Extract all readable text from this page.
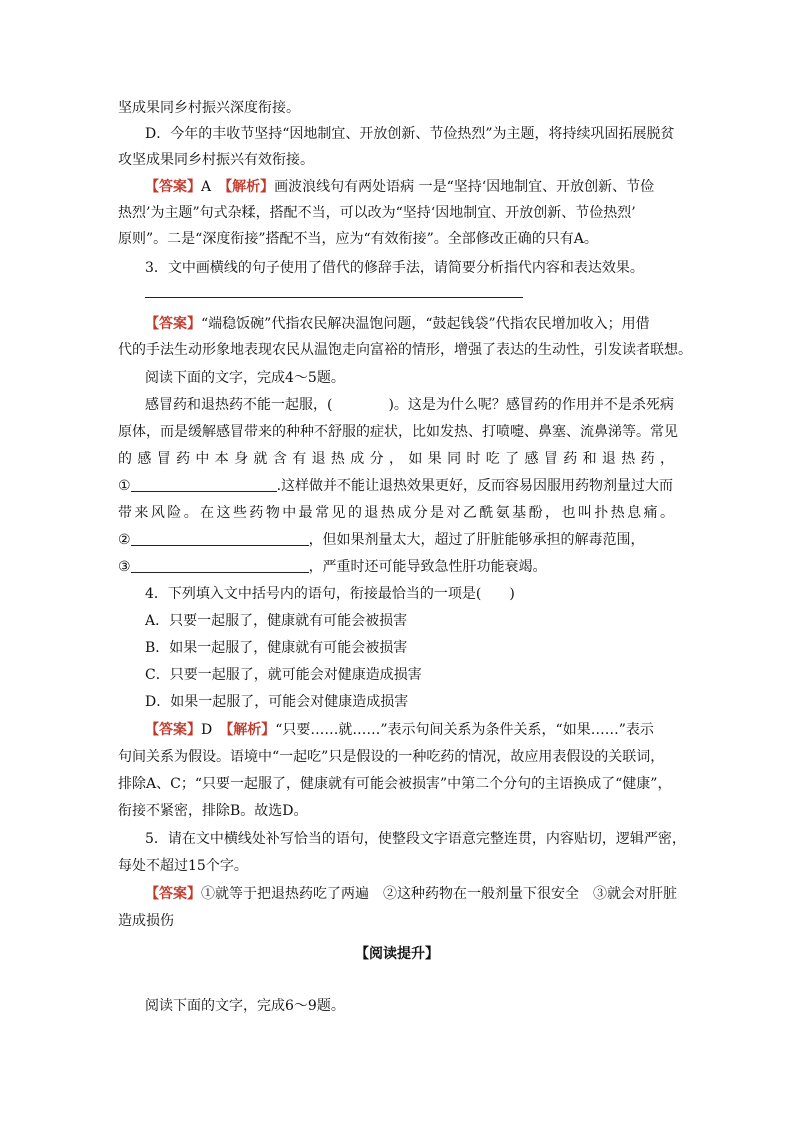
坚成果同乡村振兴深度衔接。
D．今年的丰收节坚持“因地制宜、开放创新、节俭热烈”为主题，将持续巩固拓展脱贫
攻坚成果同乡村振兴有效衔接。
【答案】A　【解析】画波浪线句有两处语病 一是“坚持‘因地制宜、开放创新、节俭
热烈’为主题”句式杂糅，搭配不当，可以改为“坚持‘因地制宜、开放创新、节俭热烈’
原则”。二是“深度衔接”搭配不当，应为“有效衔接”。全部修改正确的只有A。
3．文中画横线的句子使用了借代的修辞手法，请简要分析指代内容和表达效果。
【答案】“端稳饭碗”代指农民解决温饱问题，“鼓起钱袋”代指农民增加收入；用借
代的手法生动形象地表现农民从温饱走向富裕的情形，增强了表达的生动性，引发读者联想。
阅读下面的文字，完成4～5题。
感冒药和退热药不能一起服，(　　　　)。这是为什么呢？感冒药的作用并不是杀死病
原体，而是缓解感冒带来的种种不舒服的症状，比如发热、打喷嚏、鼻塞、流鼻涕等。常见
的感冒药中本身就含有退热成分，如果同时吃了感冒药和退热药，
①	.这样做并不能让退热效果更好，反而容易因服用药物剂量过大而
带来风险。在这些药物中最常见的退热成分是对乙酰氨基酚，也叫扑热息痛。
②	，但如果剂量太大，超过了肝脏能够承担的解毒范围，
③	，严重时还可能导致急性肝功能衰竭。
4．下列填入文中括号内的语句，衔接最恰当的一项是(　　)
A．只要一起服了，健康就有可能会被损害
B．如果一起服了，健康就有可能会被损害
C．只要一起服了，就可能会对健康造成损害
D．如果一起服了，可能会对健康造成损害
【答案】D　【解析】“只要……就……”表示句间关系为条件关系，“如果……”表示
句间关系为假设。语境中“一起吃”只是假设的一种吃药的情况，故应用表假设的关联词，
排除A、C；“只要一起服了，健康就有可能会被损害”中第二个分句的主语换成了“健康”，
衔接不紧密，排除B。故选D。
5．请在文中横线处补写恰当的语句，使整段文字语意完整连贯，内容贴切，逻辑严密，
每处不超过15个字。
【答案】①就等于把退热药吃了两遍　②这种药物在一般剂量下很安全　③就会对肝脏
造成损伤
【阅读提升】
阅读下面的文字，完成6～9题。
